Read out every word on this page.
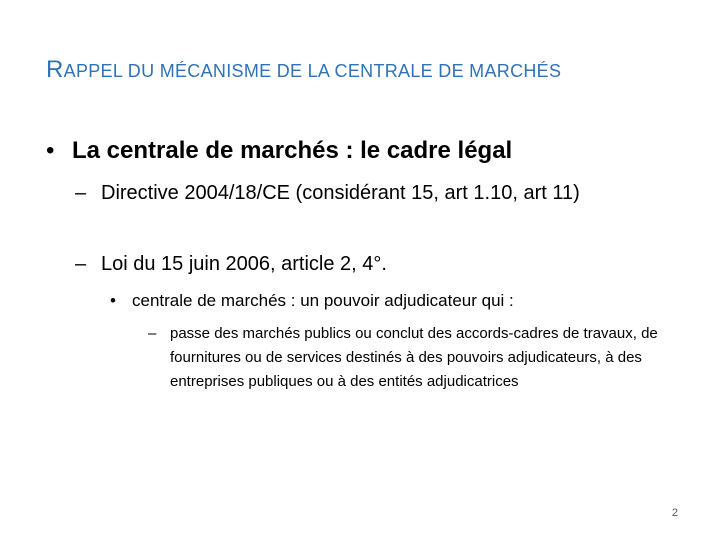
RAPPEL DU MÉCANISME DE LA CENTRALE DE MARCHÉS
• La centrale de marchés : le cadre légal
– Directive 2004/18/CE (considérant 15, art 1.10, art 11)
– Loi du 15 juin 2006, article 2, 4°.
• centrale de marchés : un pouvoir adjudicateur qui :
– passe des marchés publics ou conclut des accords-cadres de travaux, de fournitures ou de services destinés à des pouvoirs adjudicateurs, à des entreprises publiques ou à des entités adjudicatrices
2
